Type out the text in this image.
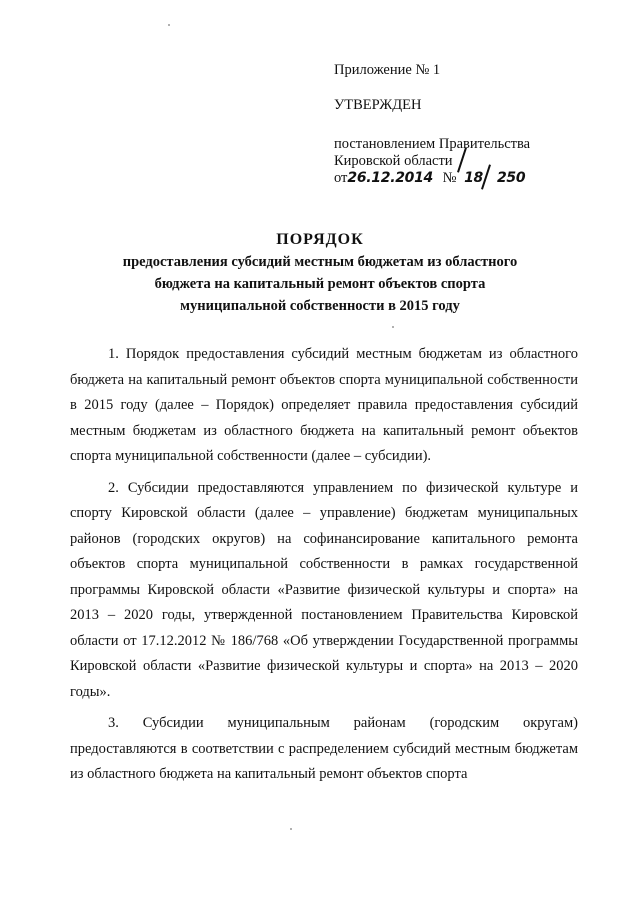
Приложение № 1
УТВЕРЖДЕН
постановлением Правительства
Кировской области
от26.12.2014 № 18 250
ПОРЯДОК
предоставления субсидий местным бюджетам из областного
бюджета на капитальный ремонт объектов спорта
муниципальной собственности в 2015 году

1. Порядок предоставления субсидий местным бюджетам из областного бюджета на капитальный ремонт объектов спорта муниципальной собственности в 2015 году (далее – Порядок) определяет правила предоставления субсидий местным бюджетам из областного бюджета на капитальный ремонт объектов спорта муниципальной собственности (далее – субсидии).

2. Субсидии предоставляются управлением по физической культуре и спорту Кировской области (далее – управление) бюджетам муниципальных районов (городских округов) на софинансирование капитального ремонта объектов спорта муниципальной собственности в рамках государственной программы Кировской области «Развитие физической культуры и спорта» на 2013 – 2020 годы, утвержденной постановлением Правительства Кировской области от 17.12.2012 № 186/768 «Об утверждении Государственной программы Кировской области «Развитие физической культуры и спорта» на 2013 – 2020 годы».

3. Субсидии муниципальным районам (городским округам) предоставляются в соответствии с распределением субсидий местным бюджетам из областного бюджета на капитальный ремонт объектов спорта
